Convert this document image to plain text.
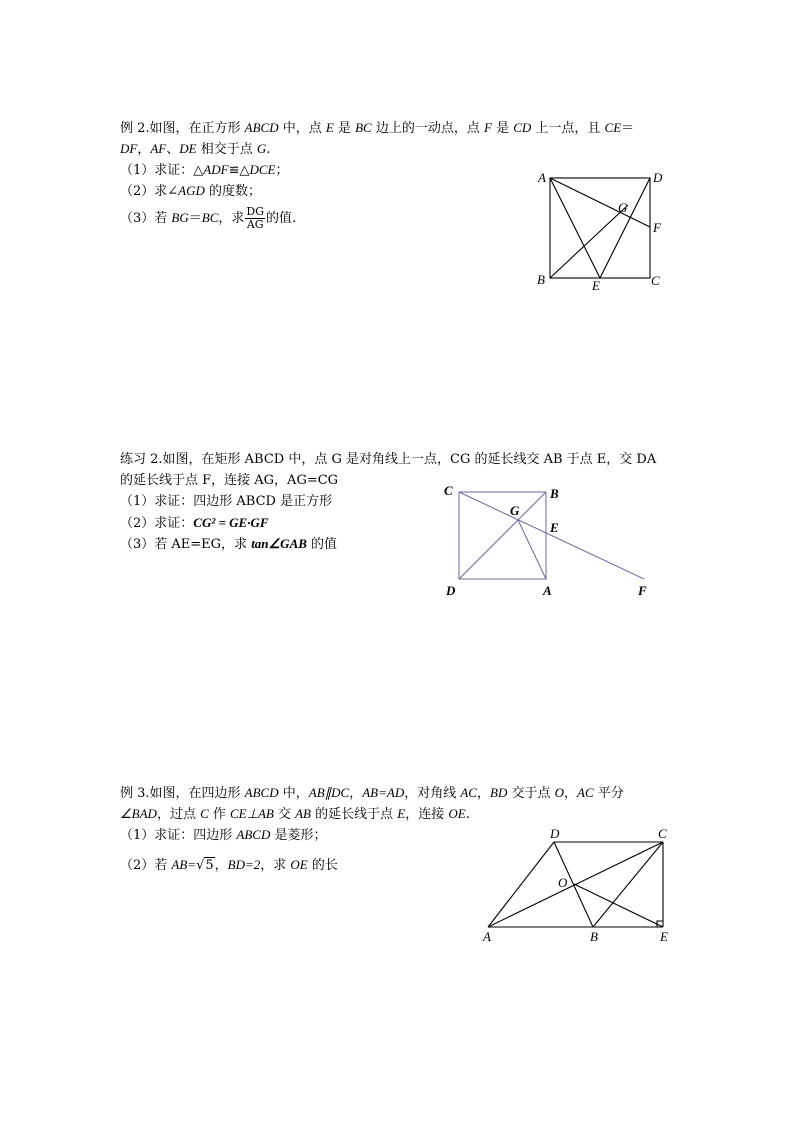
例 2.如图，在正方形 ABCD 中，点 E 是 BC 边上的一动点，点 F 是 CD 上一点，且 CE＝
DF，AF、DE 相交于点 G.
（1）求证：△ADF≌△DCE；
（2）求∠AGD 的度数；
（3）若 BG＝BC，求 $\frac{DG}{AG}$ 的值.
A	D
G
F
B	E	C
练习 2.如图，在矩形 ABCD 中，点 G 是对角线上一点，CG 的延长线交 AB 于点 E，交 DA
的延长线于点 F，连接 AG，AG=CG
（1）求证：四边形 ABCD 是正方形
（2）求证：CG² = GE·GF
（3）若 AE=EG，求 tan∠GAB 的值
C	B
G
E
D	A	F
例 3.如图，在四边形 ABCD 中，AB∥DC，AB=AD，对角线 AC，BD 交于点 O，AC 平分
∠BAD，过点 C 作 CE⊥AB 交 AB 的延长线于点 E，连接 OE.
（1）求证：四边形 ABCD 是菱形；
（2）若 AB=√5，BD=2，求 OE 的长
D	C
O
A	B	E
